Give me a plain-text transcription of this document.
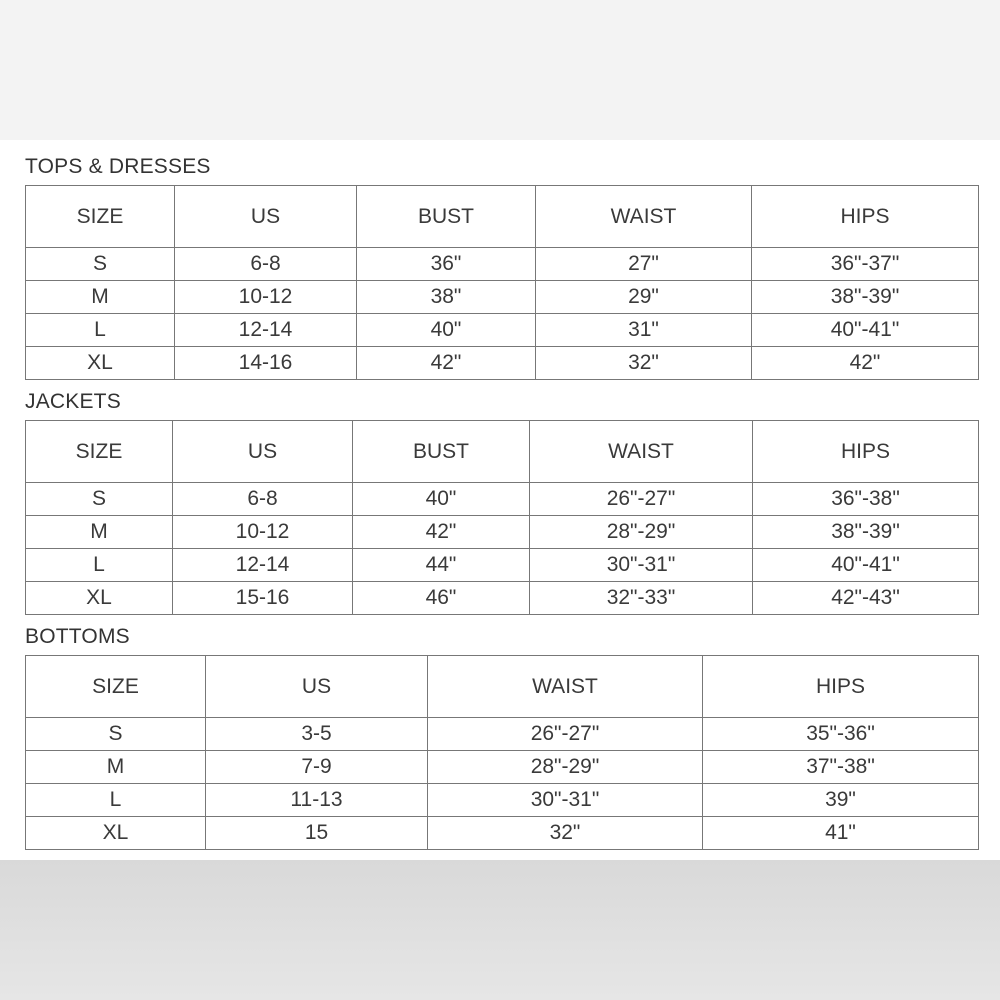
TOPS & DRESSES
SIZE	US	BUST	WAIST	HIPS
S	6-8	36"	27"	36"-37"
M	10-12	38"	29"	38"-39"
L	12-14	40"	31"	40"-41"
XL	14-16	42"	32"	42"
JACKETS
SIZE	US	BUST	WAIST	HIPS
S	6-8	40"	26"-27"	36"-38"
M	10-12	42"	28"-29"	38"-39"
L	12-14	44"	30"-31"	40"-41"
XL	15-16	46"	32"-33"	42"-43"
BOTTOMS
SIZE	US	WAIST	HIPS
S	3-5	26"-27"	35"-36"
M	7-9	28"-29"	37"-38"
L	11-13	30"-31"	39"
XL	15	32"	41"
